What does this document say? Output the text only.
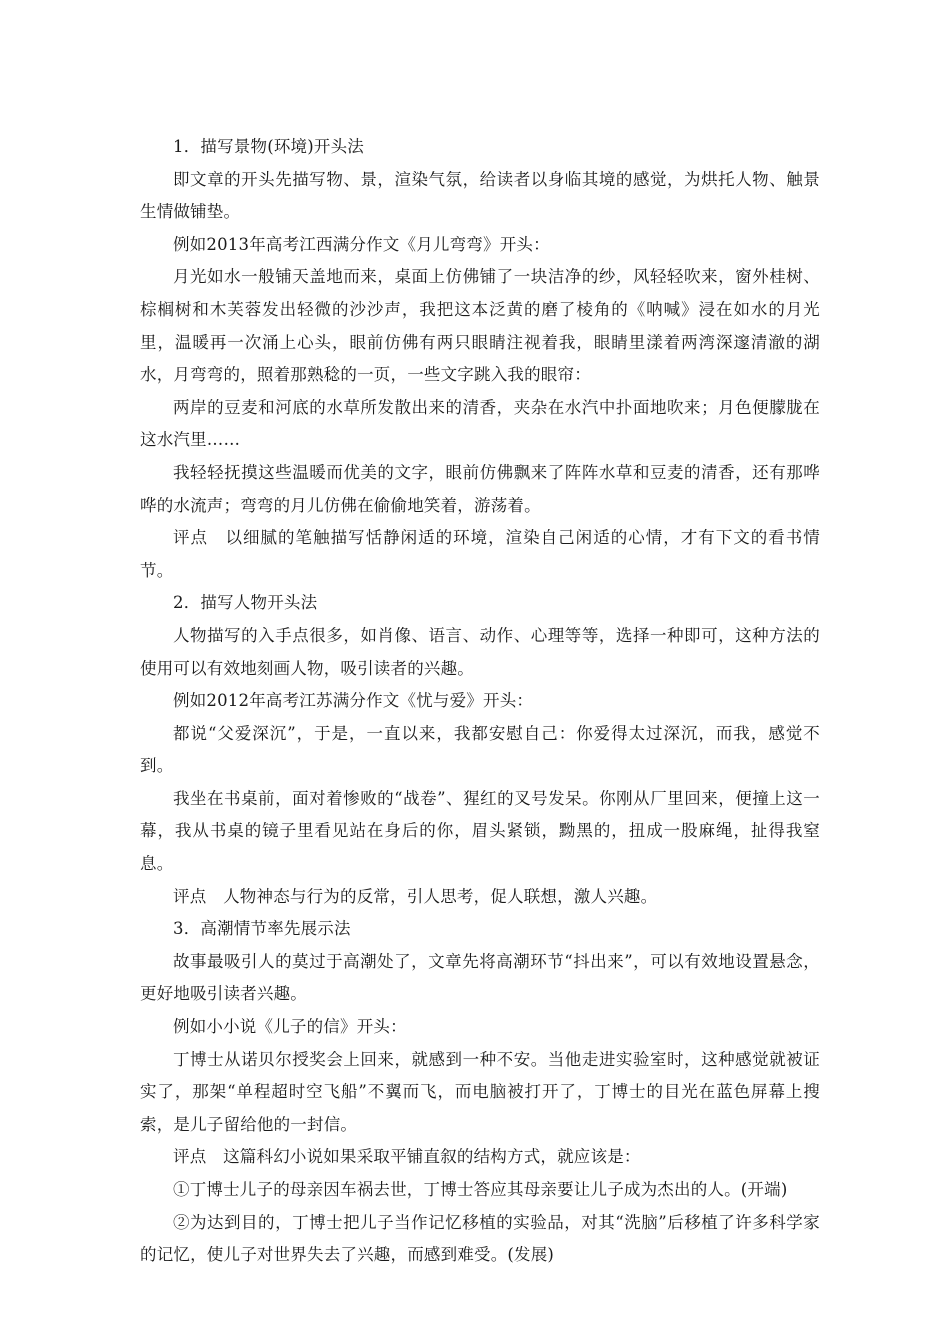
1．描写景物(环境)开头法

即文章的开头先描写物、景，渲染气氛，给读者以身临其境的感觉，为烘托人物、触景生情做铺垫。

例如2013年高考江西满分作文《月儿弯弯》开头：

月光如水一般铺天盖地而来，桌面上仿佛铺了一块洁净的纱，风轻轻吹来，窗外桂树、棕榈树和木芙蓉发出轻微的沙沙声，我把这本泛黄的磨了棱角的《呐喊》浸在如水的月光里，温暖再一次涌上心头，眼前仿佛有两只眼睛注视着我，眼睛里漾着两湾深邃清澈的湖水，月弯弯的，照着那熟稔的一页，一些文字跳入我的眼帘：

两岸的豆麦和河底的水草所发散出来的清香，夹杂在水汽中扑面地吹来；月色便朦胧在这水汽里……

我轻轻抚摸这些温暖而优美的文字，眼前仿佛飘来了阵阵水草和豆麦的清香，还有那哗哗的水流声；弯弯的月儿仿佛在偷偷地笑着，游荡着。

评点　以细腻的笔触描写恬静闲适的环境，渲染自己闲适的心情，才有下文的看书情节。

2．描写人物开头法

人物描写的入手点很多，如肖像、语言、动作、心理等等，选择一种即可，这种方法的使用可以有效地刻画人物，吸引读者的兴趣。

例如2012年高考江苏满分作文《忧与爱》开头：

都说“父爱深沉”，于是，一直以来，我都安慰自己：你爱得太过深沉，而我，感觉不到。

我坐在书桌前，面对着惨败的“战卷”、猩红的叉号发呆。你刚从厂里回来，便撞上这一幕，我从书桌的镜子里看见站在身后的你，眉头紧锁，黝黑的，扭成一股麻绳，扯得我窒息。

评点　人物神态与行为的反常，引人思考，促人联想，激人兴趣。

3．高潮情节率先展示法

故事最吸引人的莫过于高潮处了，文章先将高潮环节“抖出来”，可以有效地设置悬念，更好地吸引读者兴趣。

例如小小说《儿子的信》开头：

丁博士从诺贝尔授奖会上回来，就感到一种不安。当他走进实验室时，这种感觉就被证实了，那架“单程超时空飞船”不翼而飞，而电脑被打开了，丁博士的目光在蓝色屏幕上搜索，是儿子留给他的一封信。

评点　这篇科幻小说如果采取平铺直叙的结构方式，就应该是：

①丁博士儿子的母亲因车祸去世，丁博士答应其母亲要让儿子成为杰出的人。(开端)

②为达到目的，丁博士把儿子当作记忆移植的实验品，对其“洗脑”后移植了许多科学家的记忆，使儿子对世界失去了兴趣，而感到难受。(发展)
